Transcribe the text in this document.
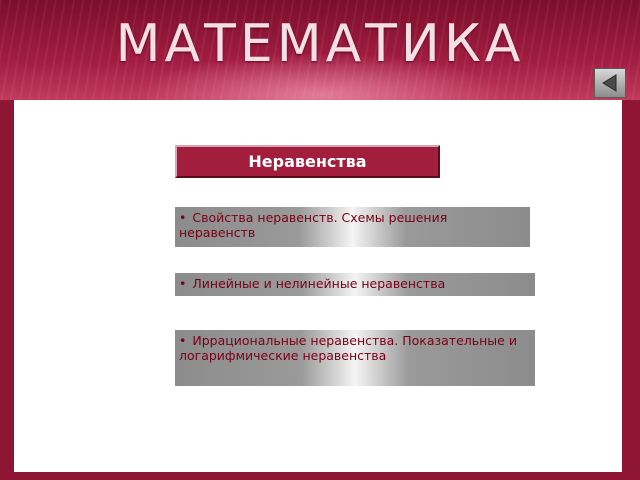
МАТЕМАТИКА
Неравенства
• Свойства неравенств. Схемы решения неравенств
• Линейные и нелинейные неравенства
• Иррациональные неравенства. Показательные и логарифмические неравенства
